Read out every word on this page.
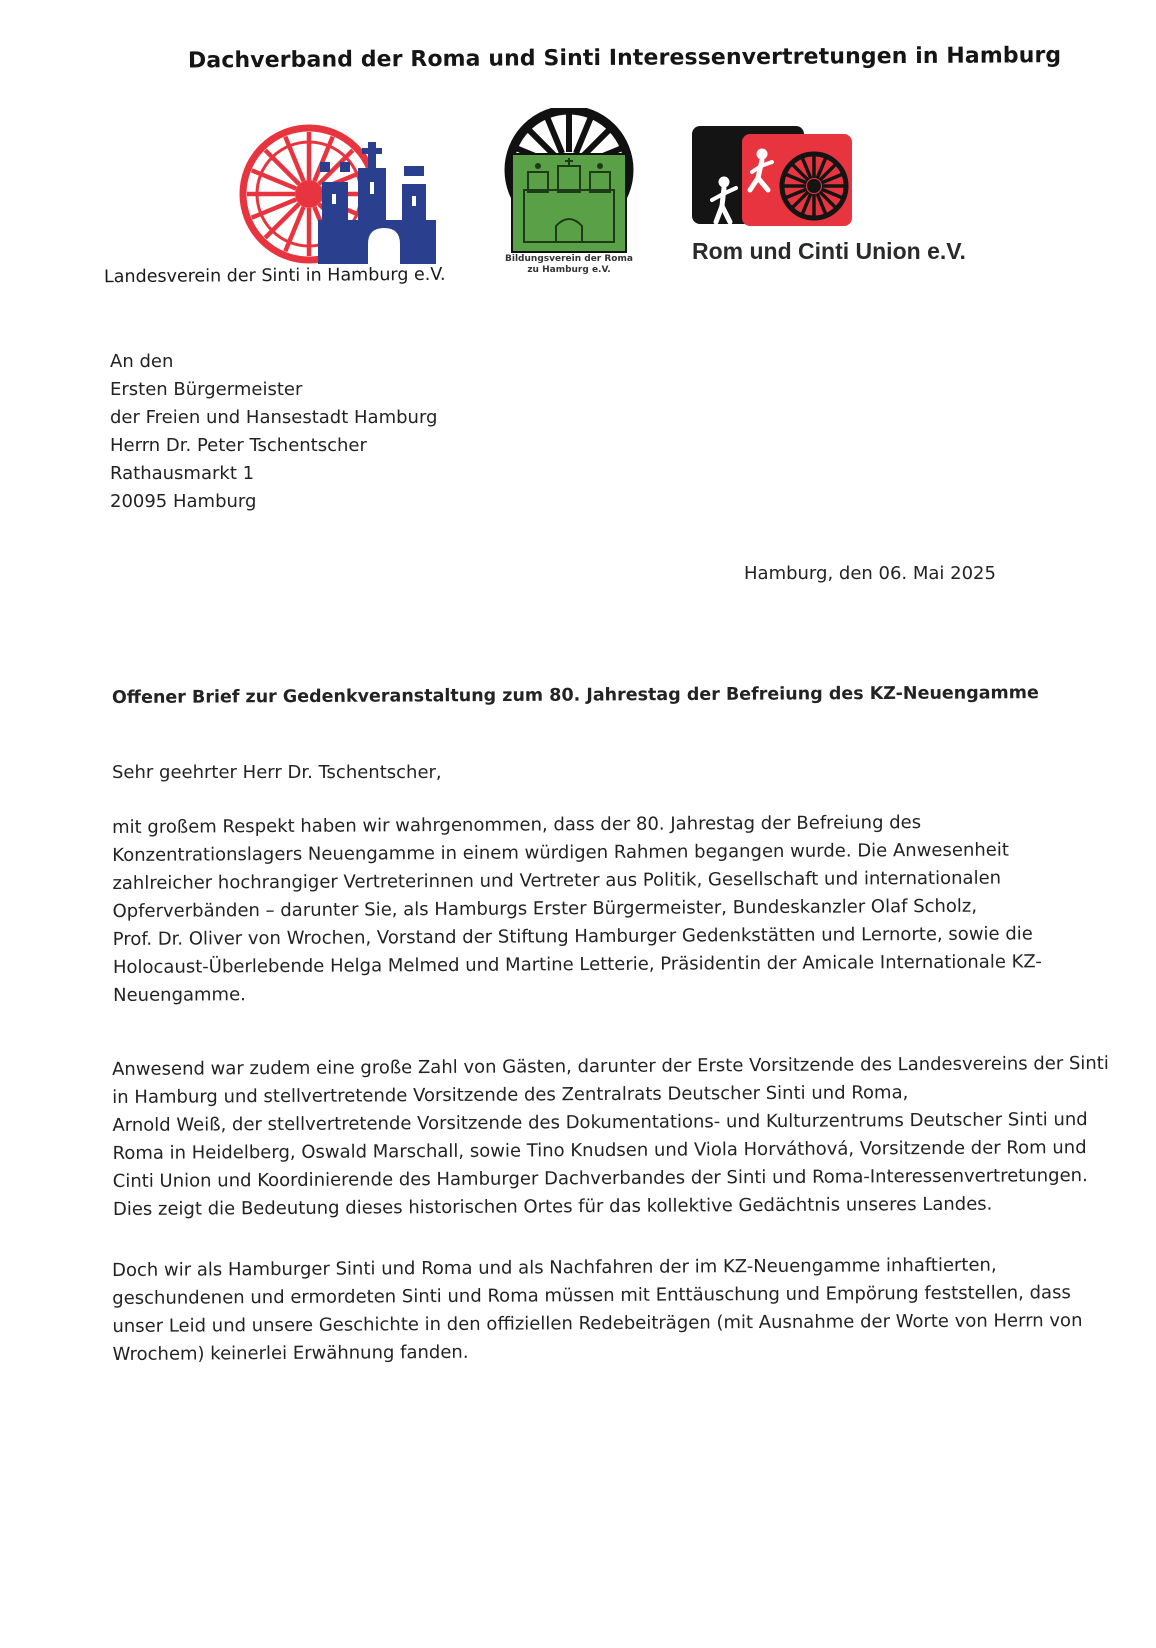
Dachverband der Roma und Sinti Interessenvertretungen in Hamburg
Landesverein der Sinti in Hamburg e.V.
Bildungsverein der Roma
zu Hamburg e.V.
Rom und Cinti Union e.V.
An den
Ersten Bürgermeister
der Freien und Hansestadt Hamburg
Herrn Dr. Peter Tschentscher
Rathausmarkt 1
20095 Hamburg
Hamburg, den 06. Mai 2025
Offener Brief zur Gedenkveranstaltung zum 80. Jahrestag der Befreiung des KZ-Neuengamme
Sehr geehrter Herr Dr. Tschentscher,
mit großem Respekt haben wir wahrgenommen, dass der 80. Jahrestag der Befreiung des
Konzentrationslagers Neuengamme in einem würdigen Rahmen begangen wurde. Die Anwesenheit
zahlreicher hochrangiger Vertreterinnen und Vertreter aus Politik, Gesellschaft und internationalen
Opferverbänden – darunter Sie, als Hamburgs Erster Bürgermeister, Bundeskanzler Olaf Scholz,
Prof. Dr. Oliver von Wrochen, Vorstand der Stiftung Hamburger Gedenkstätten und Lernorte, sowie die
Holocaust-Überlebende Helga Melmed und Martine Letterie, Präsidentin der Amicale Internationale KZ-
Neuengamme.
Anwesend war zudem eine große Zahl von Gästen, darunter der Erste Vorsitzende des Landesvereins der Sinti
in Hamburg und stellvertretende Vorsitzende des Zentralrats Deutscher Sinti und Roma,
Arnold Weiß, der stellvertretende Vorsitzende des Dokumentations- und Kulturzentrums Deutscher Sinti und
Roma in Heidelberg, Oswald Marschall, sowie Tino Knudsen und Viola Horváthová, Vorsitzende der Rom und
Cinti Union und Koordinierende des Hamburger Dachverbandes der Sinti und Roma-Interessenvertretungen.
Dies zeigt die Bedeutung dieses historischen Ortes für das kollektive Gedächtnis unseres Landes.
Doch wir als Hamburger Sinti und Roma und als Nachfahren der im KZ-Neuengamme inhaftierten,
geschundenen und ermordeten Sinti und Roma müssen mit Enttäuschung und Empörung feststellen, dass
unser Leid und unsere Geschichte in den offiziellen Redebeiträgen (mit Ausnahme der Worte von Herrn von
Wrochem) keinerlei Erwähnung fanden.
